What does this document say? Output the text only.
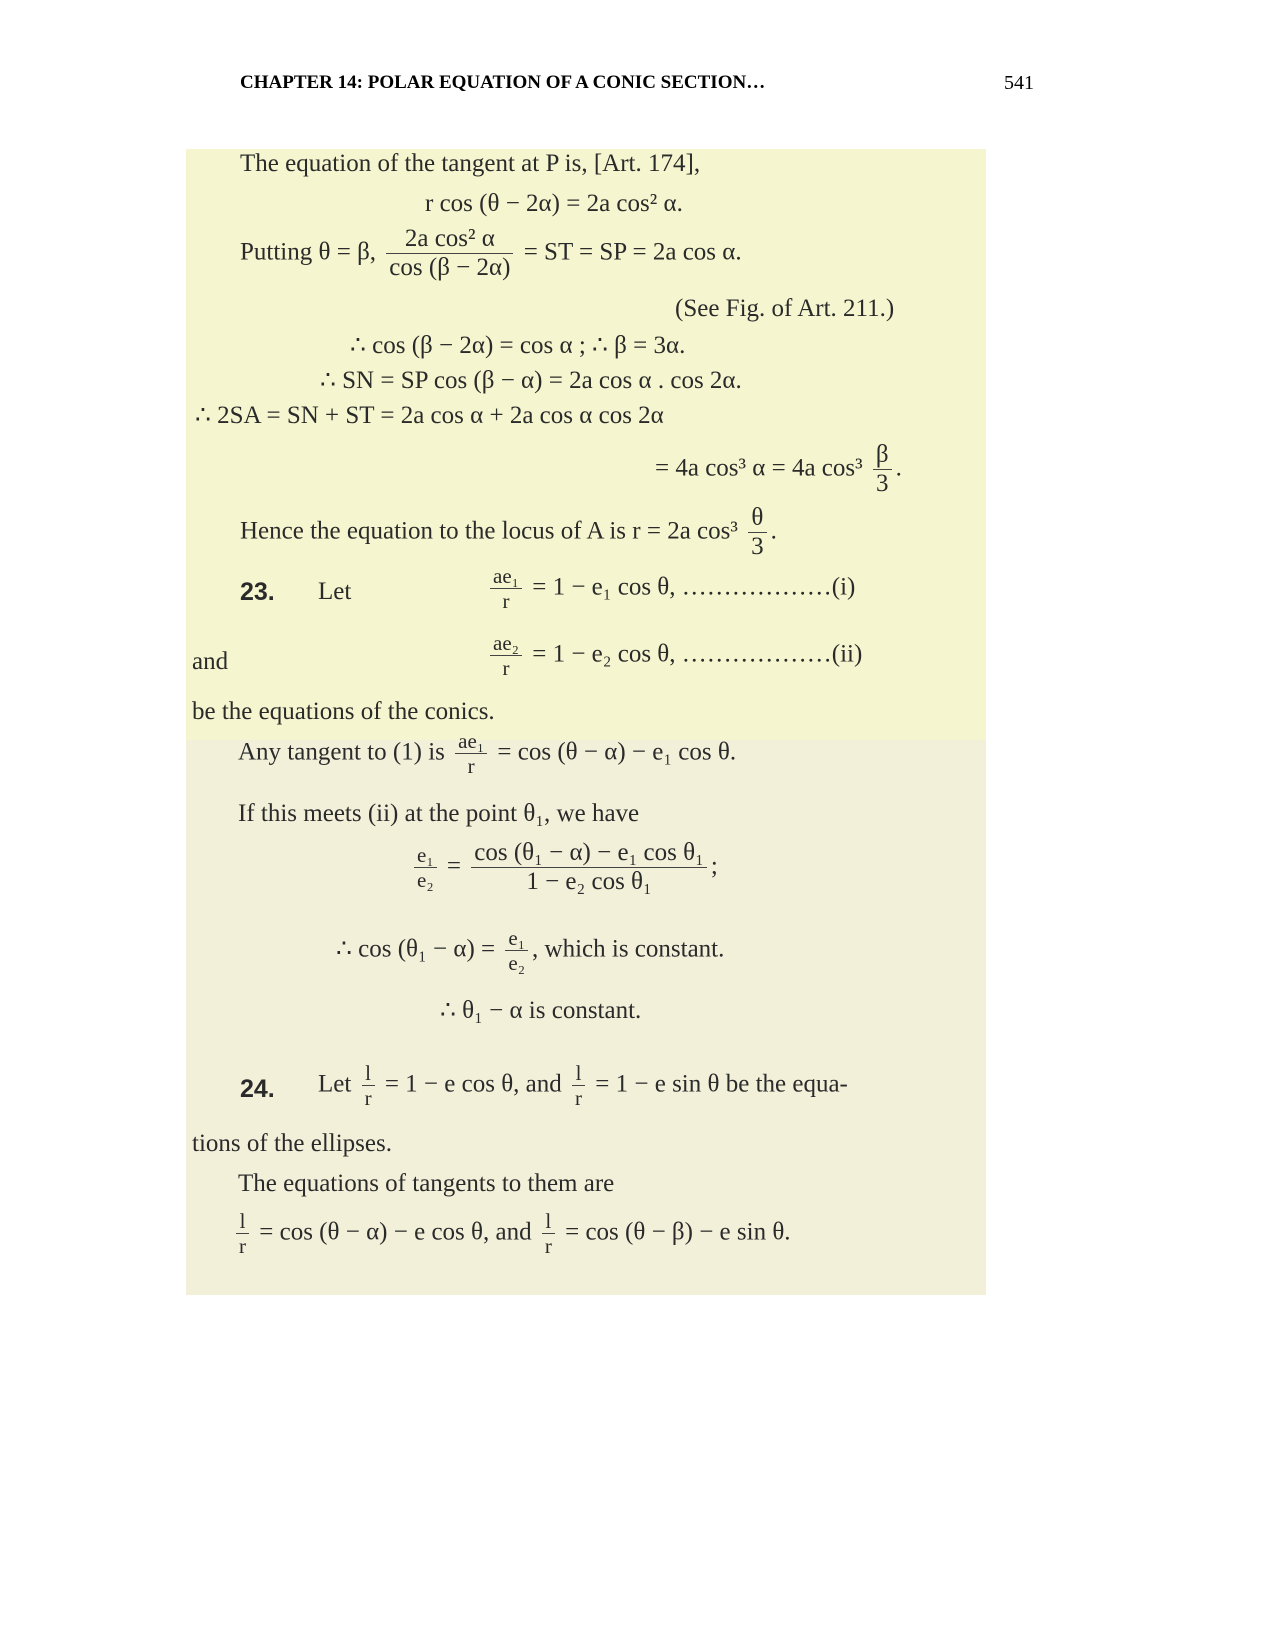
CHAPTER 14: POLAR EQUATION OF A CONIC SECTION…	541
The equation of the tangent at P is, [Art. 174],
r cos (θ − 2α) = 2a cos² α.
Putting θ = β, $\frac{\text{2a cos² α}}{\cos (\beta - 2\alpha)}$ = ST = SP = 2a cos α.
(See Fig. of Art. 211.)
∴ cos (β − 2α) = cos α ; ∴ β = 3α.
∴ SN = SP cos (β − α) = 2a cos α . cos 2α.
∴ 2SA = SN + ST = 2a cos α + 2a cos α cos 2α
= 4a cos³ α = 4a $\cos^3 \frac{\beta}{3}$ .
Hence the equation to the locus of A is r = 2a $\cos^3 \frac{\theta}{3}$ .
23. Let	$\frac{\text{ae₁}}{r} = 1 - e_1$ cos θ, ………………(i)
and	$\frac{\text{ae₂}}{r} = 1 - e_2$ cos θ, ………………(ii)
be the equations of the conics.
Any tangent to (1) is $\frac{\text{ae₁}}{r} = \cos (\theta - \alpha) - e_1$ cos θ.
If this meets (ii) at the point θ₁, we have
$\frac{\text{e₁}}{\text{e₂}} = \frac{\text{cos (θ₁ − α) − e₁ cos θ₁}}{\text{1 − e₂ cos θ₁}}$ ;
∴ $\cos (\theta_1 - \alpha) = \frac{\text{e₁}}{\text{e₂}}$ , which is constant.
∴ θ₁ − α is constant.
24. Let $\frac{l}{r} = 1 - e$ cos θ, and $\frac{l}{r} = 1 - e$ sin θ be the equa-
tions of the ellipses.
The equations of tangents to them are
$\frac{l}{r} = \cos (\theta - \alpha) - e$ cos θ, and $\frac{l}{r} = \cos (\theta - \beta) - e$ sin θ.
